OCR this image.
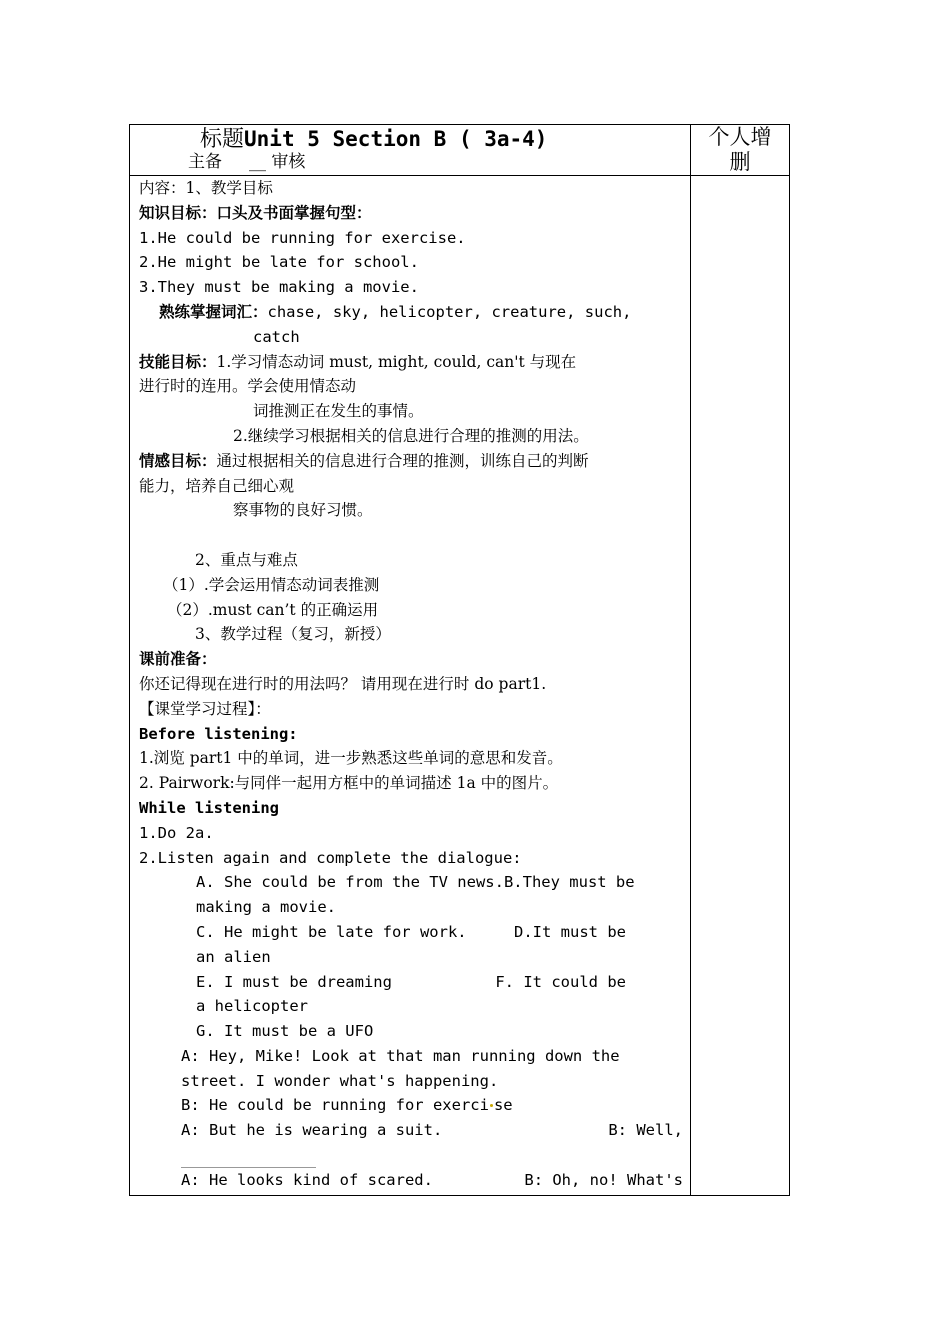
标题Unit 5 Section B ( 3a-4)
主备     __ 审核
个人增
删
内容：1、教学目标
知识目标：口头及书面掌握句型：
1.He could be running for exercise.
2.He might be late for school.
3.They must be making a movie.
熟练掌握词汇：chase, sky, helicopter, creature, such,
catch
技能目标：1.学习情态动词 must, might, could, can't 与现在
进行时的连用。学会使用情态动
词推测正在发生的事情。
2.继续学习根据相关的信息进行合理的推测的用法。
情感目标：通过根据相关的信息进行合理的推测，训练自己的判断
能力，培养自己细心观
察事物的良好习惯。
2、重点与难点
（1）.学会运用情态动词表推测
（2）.must can’t 的正确运用
3、教学过程（复习，新授）
课前准备：
你还记得现在进行时的用法吗？ 请用现在进行时 do part1.
【课堂学习过程】：
Before listening:
1.浏览 part1 中的单词，进一步熟悉这些单词的意思和发音。
2. Pairwork:与同伴一起用方框中的单词描述 1a 中的图片。
While listening
1.Do 2a.
2.Listen again and complete the dialogue:
A. She could be from the TV news. B.They must be
making a movie.
C. He might be late for work.	D.It must be
an alien
E. I must be dreaming	F. It could be
a helicopter
G. It must be a UFO
A: Hey, Mike! Look at that man running down the
street. I wonder what's happening.
B: He could be running for exerci se
A: But he is wearing a suit.	B: Well,
A: He looks kind of scared.	B: Oh, no! What's
